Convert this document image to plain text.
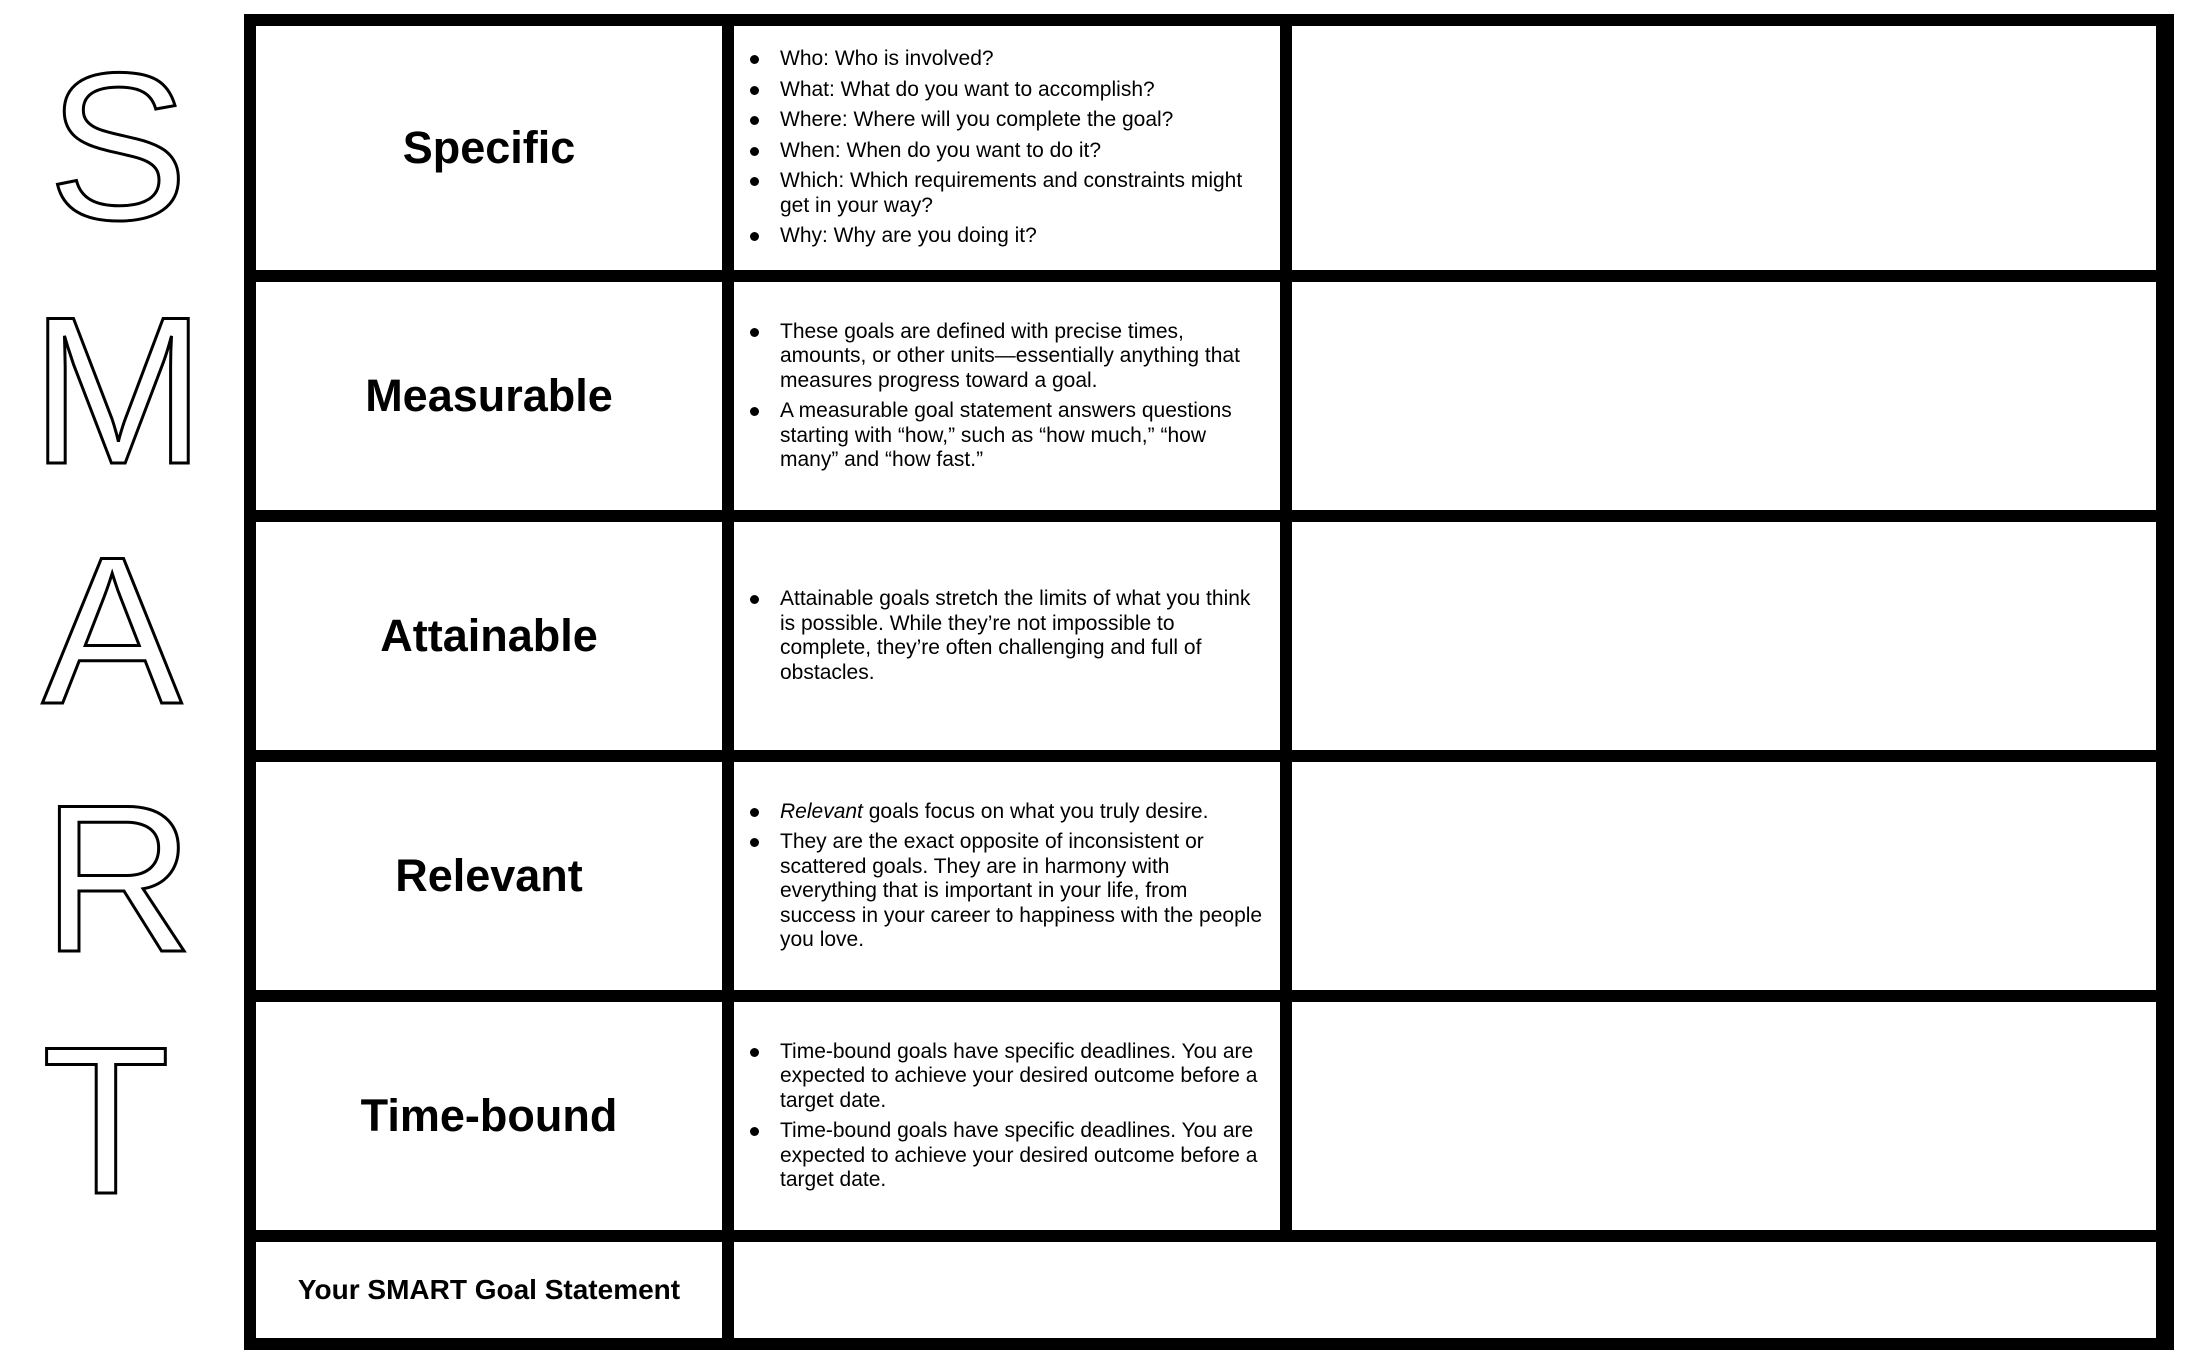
S
M
A
R
T
Specific
Who: Who is involved?
What: What do you want to accomplish?
Where: Where will you complete the goal?
When: When do you want to do it?
Which: Which requirements and constraints might get in your way?
Why: Why are you doing it?
Measurable
These goals are defined with precise times, amounts, or other units—essentially anything that measures progress toward a goal.
A measurable goal statement answers questions starting with “how,” such as “how much,” “how many” and “how fast.”
Attainable
Attainable goals stretch the limits of what you think is possible. While they’re not impossible to complete, they’re often challenging and full of obstacles.
Relevant
Relevant goals focus on what you truly desire.
They are the exact opposite of inconsistent or scattered goals. They are in harmony with everything that is important in your life, from success in your career to happiness with the people you love.
Time-bound
Time-bound goals have specific deadlines. You are expected to achieve your desired outcome before a target date.
Time-bound goals have specific deadlines. You are expected to achieve your desired outcome before a target date.
Your SMART Goal Statement
